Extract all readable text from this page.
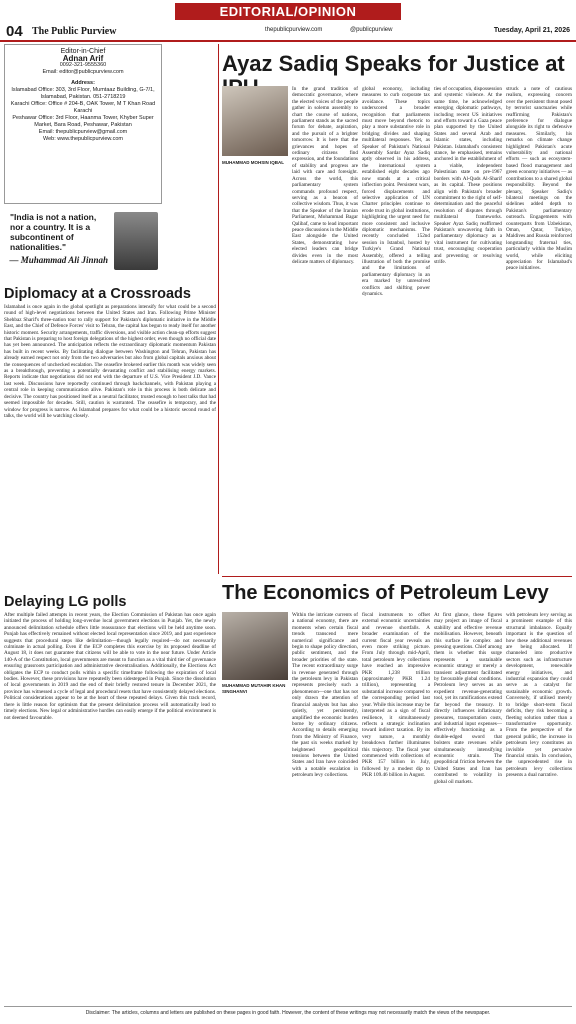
EDITORIAL/OPINION
04 The Public Purview	thepublicpurview.com	@publicpurview	Tuesday, April 21, 2026
Editor-in-Chief
Adnan Arif
0092-321-9555360
Email: editor@publicpurview.com
Address:
Islamabad Office: 303, 3rd Floor, Mumtaaz Building, G-7/1, Islamabad, Pakistan. 051-2718219
Karachi Office: Office # 204-B, OAK Tower, M T Khan Road Karachi
Peshawar Office: 3rd Floor, Haanma Tower, Khyber Super Market, Bara Road, Peshawar, Pakistan
Email: thepublicpurview@gmail.com
Web: www.thepublicpurview.com
"India is not a nation, nor a country. It is a subcontinent of nationalities."
— Muhammad Ali Jinnah
Diplomacy at a Crossroads
Islamabad is once again in the global spotlight as preparations intensify for what could be a second round of high-level negotiations between the United States and Iran. Following Prime Minister Shehbaz Sharif's three-nation tour to rally support for Pakistan's diplomatic initiative in the Middle East, and the Chief of Defence Forces' visit to Tehran, the capital has begun to ready itself for another historic moment. Security arrangements, traffic diversions, and visible action clean-up efforts suggest that Pakistan is preparing to host foreign delegations of the highest order, even though no official date has yet been announced. The anticipation reflects the extraordinary diplomatic momentum Pakistan has built in recent weeks. By facilitating dialogue between Washington and Tehran, Pakistan has already earned respect not only from the two adversaries but also from global capitals anxious about the consequences of unchecked escalation. The ceasefire brokered earlier this month was widely seen as a breakthrough, preventing a potentially devastating conflict and stabilising energy markets. Reports indicate that negotiations did not end with the departure of U.S. Vice President J.D. Vance last week. Discussions have reportedly continued through backchannels, with Pakistan playing a central role in keeping communication alive. Pakistan's role in this process is both delicate and decisive. The country has positioned itself as a neutral facilitator, trusted enough to host talks that had seemed impossible for decades. Still, caution is warranted. The ceasefire is temporary, and the window for progress is narrow. As Islamabad prepares for what could be a historic second round of talks, the world will be watching closely.
Delaying LG polls
After multiple failed attempts in recent years, the Election Commission of Pakistan has once again initiated the process of holding long-overdue local government elections in Punjab. Yet, the newly announced delimitation schedule offers little reassurance that elections will be held anytime soon. Punjab has effectively remained without elected local representation since 2019, and past experience suggests that procedural steps like delimitation—though legally required—do not necessarily culminate in actual polling. Even if the ECP completes this exercise by its proposed deadline of August 18, it does not guarantee that citizens will be able to vote in the near future. Under Article 140-A of the Constitution, local governments are meant to function as a vital third tier of governance ensuring grassroots participation and administrative decentralisation. Additionally, the Elections Act obligates the ECP to conduct polls within a specific timeframe following the expiration of local bodies. However, these provisions have repeatedly been sidestepped in Punjab. Since the dissolution of local governments in 2019 and the end of their briefly restored tenure in December 2021, the province has witnessed a cycle of legal and procedural resets that have consistently delayed elections. Political considerations appear to be at the heart of these repeated delays. Given this track record, there is little reason for optimism that the present delimitation process will automatically lead to timely elections. New legal or administrative hurdles can easily emerge if the political environment is not deemed favourable.
Ayaz Sadiq Speaks for Justice at
MUHAMMAD MOHSIN IQBAL
In the grand tradition of democratic governance, where the elected voices of the people gather in solemn assembly to chart the course of nations, parliament stands as the sacred forum for debate, aspiration, and the pursuit of a brighter tomorrow. It is here that the grievances and hopes of ordinary citizens find expression, and the foundations of stability and progress are laid with care and foresight. Across the world, this parliamentary system commands profound respect, serving as a beacon of collective wisdom. Thus, it was that the Speaker of the Iranian Parliament, Mohammad Bagar Qalibaf, came to lead important peace discussions in the Middle East alongside the United States, demonstrating how elected leaders can bridge divides even in the most delicate matters of diplomacy.
global economy, including measures to curb corporate tax avoidance. These topics underscored a broader recognition that parliaments must move beyond rhetoric to play a more substantive role in bridging divides and shaping multilateral responses. Yet, as Speaker of Pakistan's National Assembly Sardar Ayaz Sadiq aptly observed in his address, the international system established eight decades ago now stands at a critical inflection point. Persistent wars, forced displacements and selective application of UN Charter principles continue to erode trust in global institutions, highlighting the urgent need for more consistent and inclusive diplomatic mechanisms. The recently concluded 152nd session in Istanbul, hosted by Turkiye's Grand National Assembly, offered a telling illustration of both the promise and the limitations of parliamentary diplomacy in an era marked by unresolved conflicts and shifting power dynamics.
ties of occupation, dispossession and systemic violence. At the same time, he acknowledged emerging diplomatic pathways, including recent US initiatives and efforts toward a Gaza peace plan supported by the United States and several Arab and Islamic states, including Pakistan. Islamabad's consistent stance, he emphasised, remains anchored in the establishment of a viable, independent Palestinian state on pre-1967 borders with Al-Quds Al-Sharif as its capital. These positions align with Pakistan's broader commitment to the right of self-determination and the peaceful resolution of disputes through multilateral frameworks. Speaker Ayaz Sadiq reaffirmed Pakistan's unwavering faith in parliamentary diplomacy as a vital instrument for cultivating trust, encouraging cooperation and preventing or resolving strife.
struck a note of cautious realism, expressing concern over the persistent threat posed by terrorist sanctuaries while reaffirming Pakistan's preference for dialogue alongside its right to defensive measures. Similarly, his remarks on climate change highlighted Pakistan's acute vulnerability and national efforts — such as ecosystem-based flood management and green economy initiatives — as contributions to a shared global responsibility. Beyond the plenary, Speaker Sadiq's bilateral meetings on the sidelines added depth to Pakistan's parliamentary outreach. Engagements with counterparts from Uzbekistan, Oman, Qatar, Turkiye, Maldives and Russia reinforced longstanding fraternal ties, particularly within the Muslim world, while eliciting appreciation for Islamabad's peace initiatives.
The Economics of Petroleum Levy
MUHAMMAD MUTAHIR KHAN SINGHANVI
Within the intricate currents of a national economy, there are moments when certain fiscal trends transcend mere numerical significance and begin to shape policy direction, public sentiment, and the broader priorities of the state. The recent extraordinary surge in revenue generated through the petroleum levy in Pakistan represents precisely such a phenomenon—one that has not only drawn the attention of financial analysts but has also quietly, yet persistently, amplified the economic burden borne by ordinary citizens. According to details emerging from the Ministry of Finance, the past six weeks marked by heightened geopolitical tensions between the United States and Iran have coincided with a notable escalation in petroleum levy collections.
fiscal instruments to offset external economic uncertainties and revenue shortfalls. A broader examination of the current fiscal year reveals an even more striking picture. From July through mid-April, total petroleum levy collections have reached an impressive PKR 1,238 trillion (approximately PKR 1.24 trillion), representing a substantial increase compared to the corresponding period last year. While this increase may be interpreted as a sign of fiscal resilience, it simultaneously reflects a strategic inclination toward indirect taxation. By its very nature, a monthly breakdown further illuminates this trajectory. The fiscal year commenced with collections of PKR 157 billion in July, followed by a modest dip to PKR 109.46 billion in August.
At first glance, these figures may project an image of fiscal stability and effective revenue mobilisation. However, beneath this surface lie complex and pressing questions. Chief among them is whether this surge represents a sustainable economic strategy or merely a transient adjustment facilitated by favourable global conditions. Petroleum levy serves as an expedient revenue-generating tool, yet its ramifications extend far beyond the treasury. It directly influences inflationary pressures, transportation costs, and industrial input expenses—effectively functioning as a double-edged sword that bolsters state revenues while simultaneously intensifying economic strain. The geopolitical friction between the United States and Iran has contributed to volatility in global oil markets.
with petroleum levy serving as a prominent example of this structural imbalance. Equally important is the question of how these additional revenues are being allocated. If channeled into productive sectors such as infrastructure development, renewable energy initiatives, and industrial expansion they could serve as a catalyst for sustainable economic growth. Conversely, if utilised merely to bridge short-term fiscal deficits, they risk becoming a fleeting solution rather than a transformative opportunity. From the perspective of the general public, the increase in petroleum levy constitutes an invisible yet pervasive financial strain. In conclusion, the unprecedented rise in petroleum levy collections presents a dual narrative.
Disclaimer: The articles, columns and letters are published on these pages in good faith. However, the content of these writings may not necessarily match the views of the newspaper.
